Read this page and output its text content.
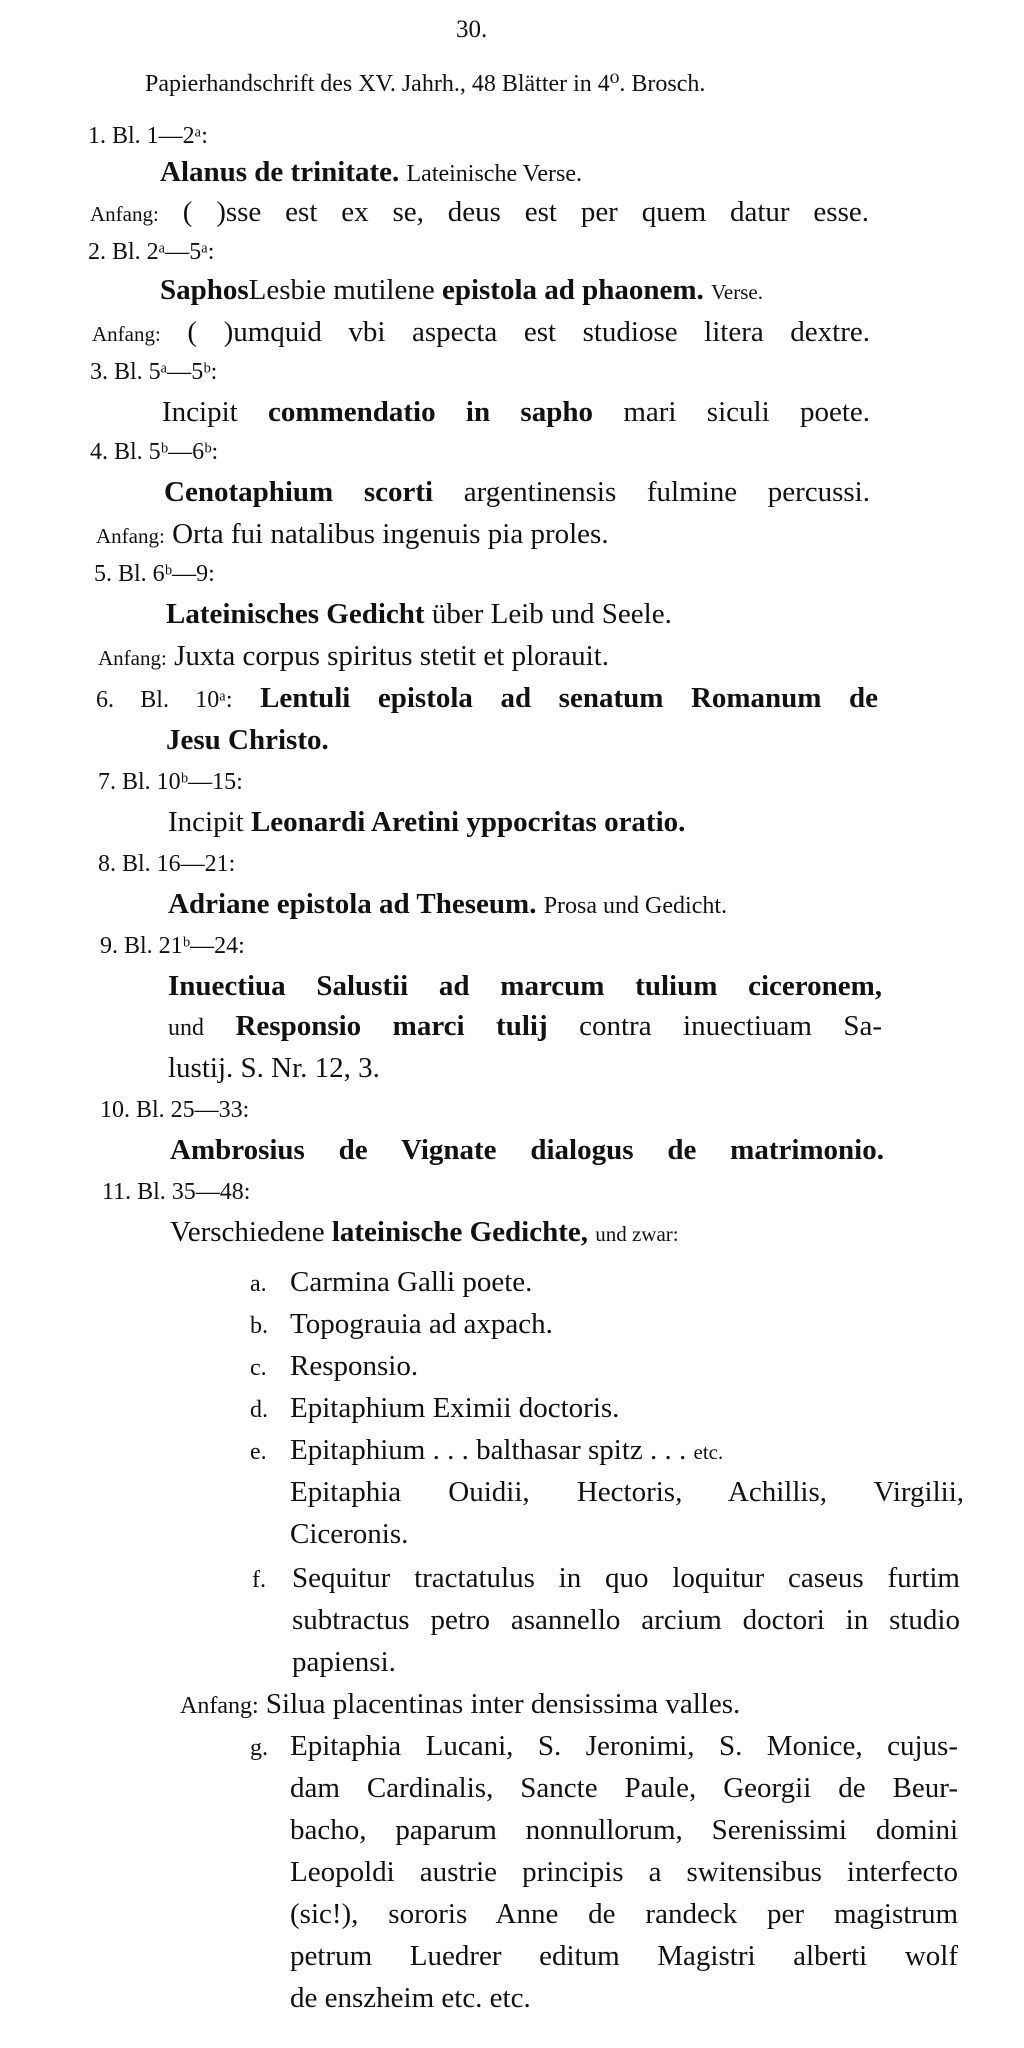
30.
Papierhandschrift des XV. Jahrh., 48 Blätter in 4⁰. Brosch.
1. Bl. 1—2ᵃ:
Alanus de trinitate. Lateinische Verse.
Anfang: ( )sse est ex se, deus est per quem datur esse.
2. Bl. 2ᵃ—5ᵃ:
SaphosLesbie mutilene epistola ad phaonem. Verse.
Anfang: ( )umquid vbi aspecta est studiose litera dextre.
3. Bl. 5ᵃ—5ᵇ:
Incipit commendatio in sapho mari siculi poete.
4. Bl. 5ᵇ—6ᵇ:
Cenotaphium scorti argentinensis fulmine percussi.
Anfang: Orta fui natalibus ingenuis pia proles.
5. Bl. 6ᵇ—9:
Lateinisches Gedicht über Leib und Seele.
Anfang: Juxta corpus spiritus stetit et plorauit.
6. Bl. 10ᵃ: Lentuli epistola ad senatum Romanum de
Jesu Christo.
7. Bl. 10ᵇ—15:
Incipit Leonardi Aretini yppocritas oratio.
8. Bl. 16—21:
Adriane epistola ad Theseum. Prosa und Gedicht.
9. Bl. 21ᵇ—24:
Inuectiua Salustii ad marcum tulium ciceronem,
und Responsio marci tulij contra inuectiuam Sa-
lustij. S. Nr. 12, 3.
10. Bl. 25—33:
Ambrosius de Vignate dialogus de matrimonio.
11. Bl. 35—48:
Verschiedene lateinische Gedichte, und zwar:
a. Carmina Galli poete.
b. Topograuia ad axpach.
c. Responsio.
d. Epitaphium Eximii doctoris.
e. Epitaphium . . . balthasar spitz . . . etc.
Epitaphia Ouidii, Hectoris, Achillis, Virgilii,
Ciceronis.
f. Sequitur tractatulus in quo loquitur caseus furtim
subtractus petro asannello arcium doctori in studio
papiensi.
Anfang: Silua placentinas inter densissima valles.
g. Epitaphia Lucani, S. Jeronimi, S. Monice, cujus-
dam Cardinalis, Sancte Paule, Georgii de Beur-
bacho, paparum nonnullorum, Serenissimi domini
Leopoldi austrie principis a switensibus interfecto
(sic!), sororis Anne de randeck per magistrum
petrum Luedrer editum Magistri alberti wolf
de enszheim etc. etc.
